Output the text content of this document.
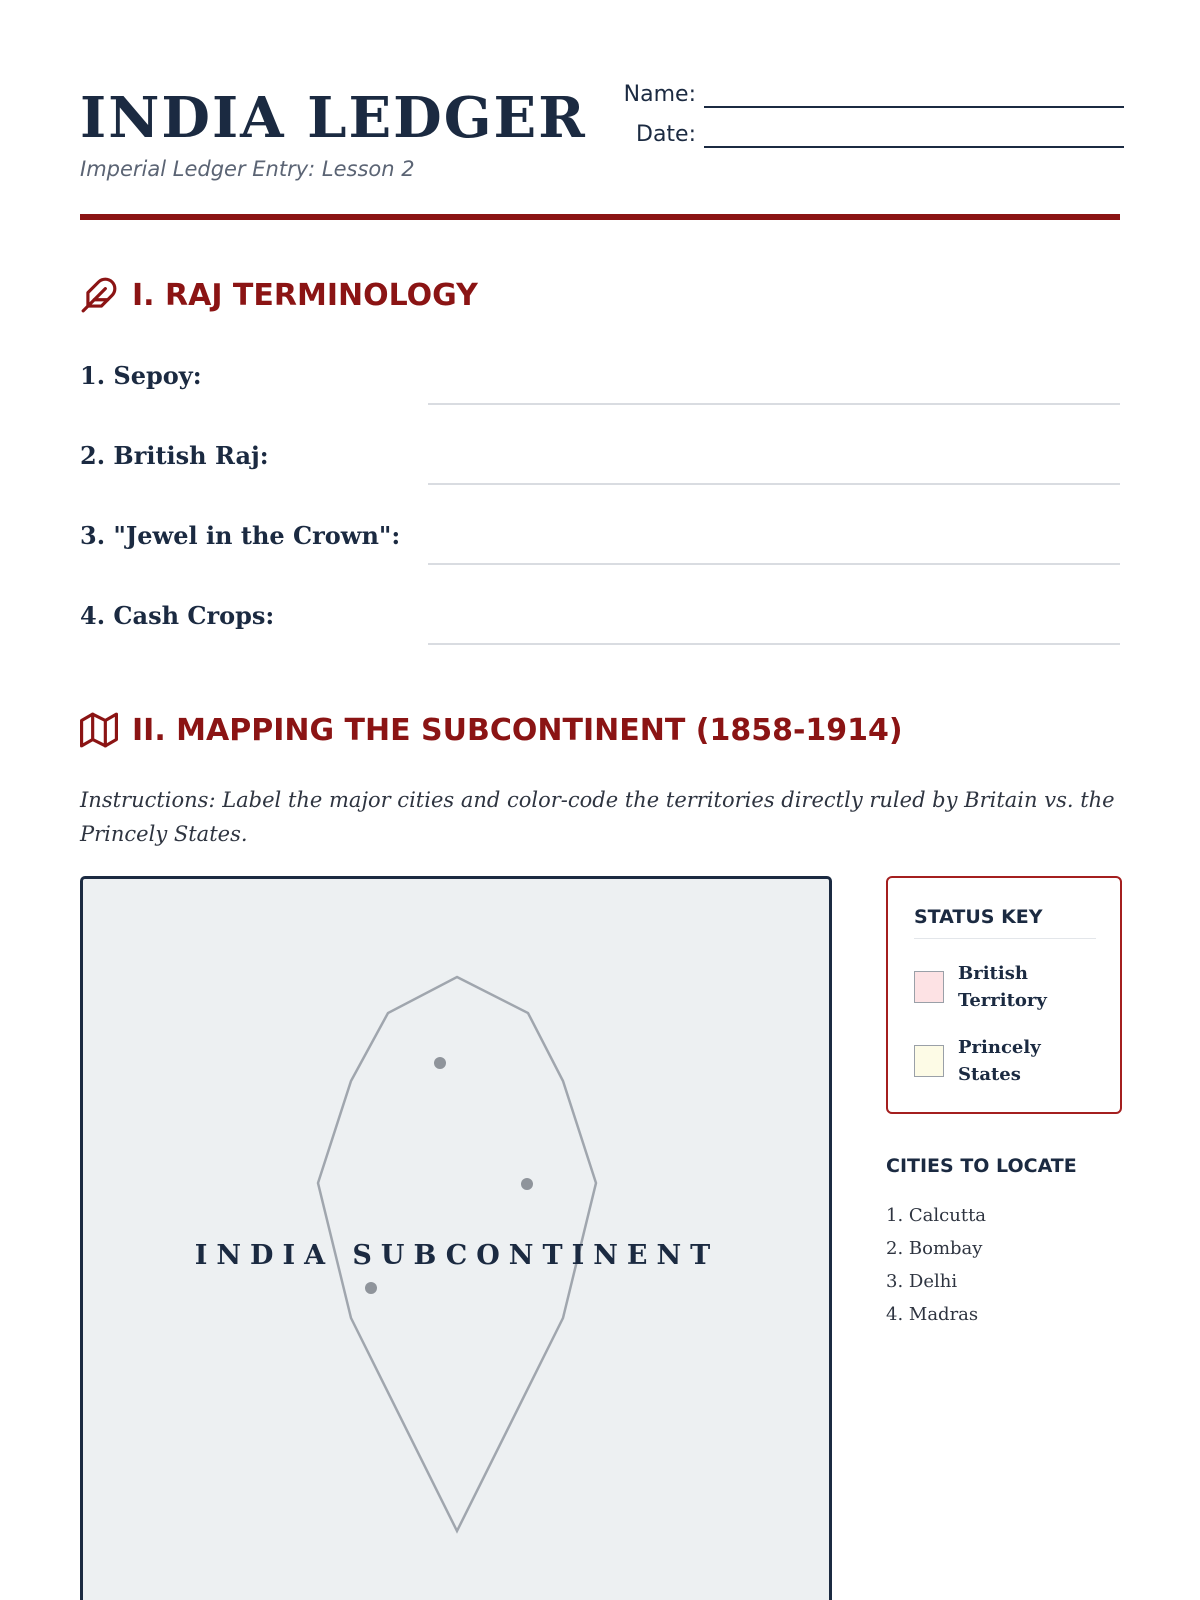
INDIA LEDGER
Imperial Ledger Entry: Lesson 2
Name:
Date:
I. RAJ TERMINOLOGY
1. Sepoy:
2. British Raj:
3. "Jewel in the Crown":
4. Cash Crops:
II. MAPPING THE SUBCONTINENT (1858-1914)
Instructions: Label the major cities and color-code the territories directly ruled by Britain vs. the Princely States.
INDIA SUBCONTINENT
STATUS KEY
British Territory
Princely States
CITIES TO LOCATE
1. Calcutta
2. Bombay
3. Delhi
4. Madras
